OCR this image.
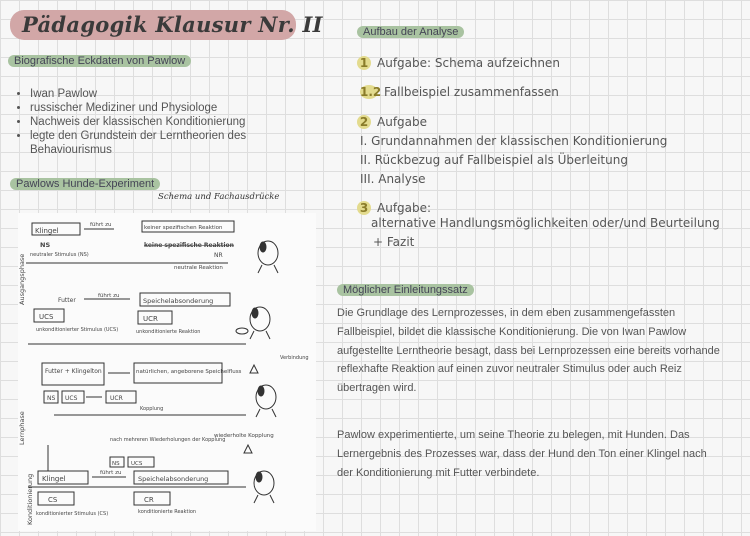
Pädagogik Klausur Nr. II
Biografische Eckdaten von Pawlow
• Iwan Pawlow
• russischer Mediziner und Physiologe
• Nachweis der klassischen Konditionierung
• legte den Grundstein der Lerntheorien des Behaviourismus
Pawlows Hunde-Experiment
Schema und Fachausdrücke
Ausgangsphase
Lernphase
Konditionierung
Klingel
führt zu	keiner spezifischen Reaktion
keine spezifische Reaktion
NS
neutraler Stimulus (NS)	NR
neutrale Reaktion
Futter
führt zu
Speichelabsonderung
UCS	UCR
unkonditionierter Stimulus (UCS)	unkonditionierte Reaktion
Futter + Klingelton	natürlichen, angeborene Speichelfluss
NS UCS	UCR
Verbindung
Kopplung
wiederholte Kopplung
nach mehreren Wiederholungen der Kopplung
NS UCS
Klingel
führt zu
Speichelabsonderung
CS	CR
konditionierter Stimulus (CS)	konditionierte Reaktion
Aufbau der Analyse
1 Aufgabe: Schema aufzeichnen
1.2 Fallbeispiel zusammenfassen
2 Aufgabe
I. Grundannahmen der klassischen Konditionierung
II. Rückbezug auf Fallbeispiel als Überleitung
III. Analyse
3 Aufgabe:
alternative Handlungsmöglichkeiten oder/und Beurteilung
+ Fazit
Möglicher Einleitungssatz

Die Grundlage des Lernprozesses, in dem eben zusammengefassten Fallbeispiel, bildet die klassische Konditionierung. Die von Iwan Pawlow aufgestellte Lerntheorie besagt, dass bei Lernprozessen eine bereits vorhande reflexhafte Reaktion auf einen zuvor neutraler Stimulus oder auch Reiz übertragen wird.

Pawlow experimentierte, um seine Theorie zu belegen, mit Hunden. Das Lernergebnis des Prozesses war, dass der Hund den Ton einer Klingel nach der Konditionierung mit Futter verbindete.
